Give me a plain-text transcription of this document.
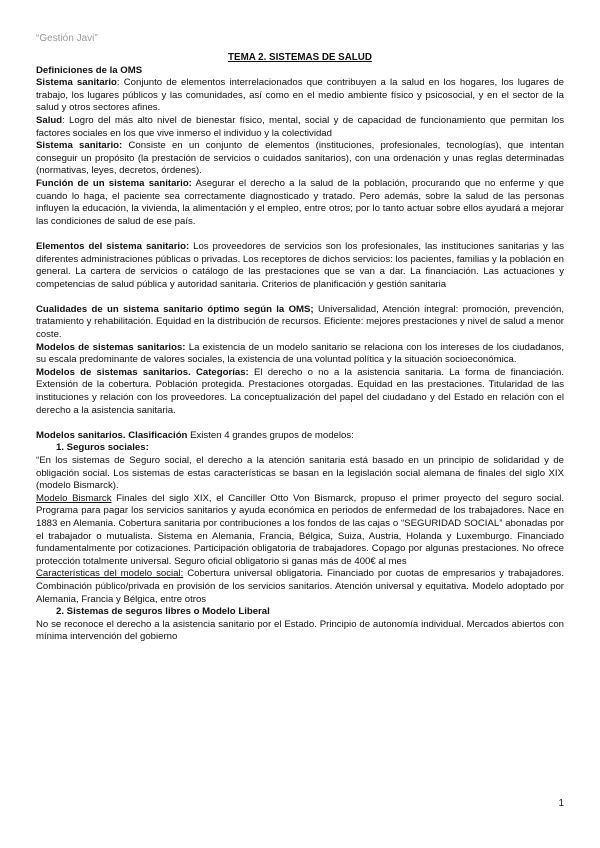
“Gestión Javi”

TEMA 2. SISTEMAS DE SALUD

Definiciones de la OMS

Sistema sanitario: Conjunto de elementos interrelacionados que contribuyen a la salud en los hogares, los lugares de trabajo, los lugares públicos y las comunidades, así como en el medio ambiente físico y psicosocial, y en el sector de la salud y otros sectores afines.

Salud: Logro del más alto nivel de bienestar físico, mental, social y de capacidad de funcionamiento que permitan los factores sociales en los que vive inmerso el individuo y la colectividad

Sistema sanitario: Consiste en un conjunto de elementos (instituciones, profesionales, tecnologías), que intentan conseguir un propósito (la prestación de servicios o cuidados sanitarios), con una ordenación y unas reglas determinadas (normativas, leyes, decretos, órdenes).

Función de un sistema sanitario: Asegurar el derecho a la salud de la población, procurando que no enferme y que cuando lo haga, el paciente sea correctamente diagnosticado y tratado. Pero además, sobre la salud de las personas influyen la educación, la vivienda, la alimentación y el empleo, entre otros; por lo tanto actuar sobre ellos ayudará a mejorar las condiciones de salud de ese país.

Elementos del sistema sanitario: Los proveedores de servicios son los profesionales, las instituciones sanitarias y las diferentes administraciones públicas o privadas. Los receptores de dichos servicios: los pacientes, familias y la población en general. La cartera de servicios o catálogo de las prestaciones que se van a dar. La financiación. Las actuaciones y competencias de salud pública y autoridad sanitaria. Criterios de planificación y gestión sanitaria

Cualidades de un sistema sanitario óptimo según la OMS; Universalidad, Atención integral: promoción, prevención, tratamiento y rehabilitación. Equidad en la distribución de recursos. Eficiente: mejores prestaciones y nivel de salud a menor coste.

Modelos de sistemas sanitarios: La existencia de un modelo sanitario se relaciona con los intereses de los ciudadanos, su escala predominante de valores sociales, la existencia de una voluntad política y la situación socioeconómica.

Modelos de sistemas sanitarios. Categorías: El derecho o no a la asistencia sanitaria. La forma de financiación. Extensión de la cobertura. Población protegida. Prestaciones otorgadas. Equidad en las prestaciones. Titularidad de las instituciones y relación con los proveedores. La conceptualización del papel del ciudadano y del Estado en relación con el derecho a la asistencia sanitaria.

Modelos sanitarios. Clasificación Existen 4 grandes grupos de modelos:

1. Seguros sociales:

“En los sistemas de Seguro social, el derecho a la atención sanitaria está basado en un principio de solidaridad y de obligación social. Los sistemas de estas características se basan en la legislación social alemana de finales del siglo XIX (modelo Bismarck).

Modelo Bismarck Finales del siglo XIX, el Canciller Otto Von Bismarck, propuso el primer proyecto del seguro social. Programa para pagar los servicios sanitarios y ayuda económica en periodos de enfermedad de los trabajadores. Nace en 1883 en Alemania. Cobertura sanitaria por contribuciones a los fondos de las cajas o “SEGURIDAD SOCIAL” abonadas por el trabajador o mutualista. Sistema en Alemania, Francia, Bélgica, Suiza, Austria, Holanda y Luxemburgo. Financiado fundamentalmente por cotizaciones. Participación obligatoria de trabajadores. Copago por algunas prestaciones. No ofrece protección totalmente universal. Seguro oficial obligatorio si ganas más de 400€ al mes

Características del modelo social: Cobertura universal obligatoria. Financiado por cuotas de empresarios y trabajadores. Combinación público/privada en provisión de los servicios sanitarios. Atención universal y equitativa. Modelo adoptado por Alemania, Francia y Bélgica, entre otros

2. Sistemas de seguros libres o Modelo Liberal

No se reconoce el derecho a la asistencia sanitario por el Estado. Principio de autonomía individual. Mercados abiertos con mínima intervención del gobierno

1
